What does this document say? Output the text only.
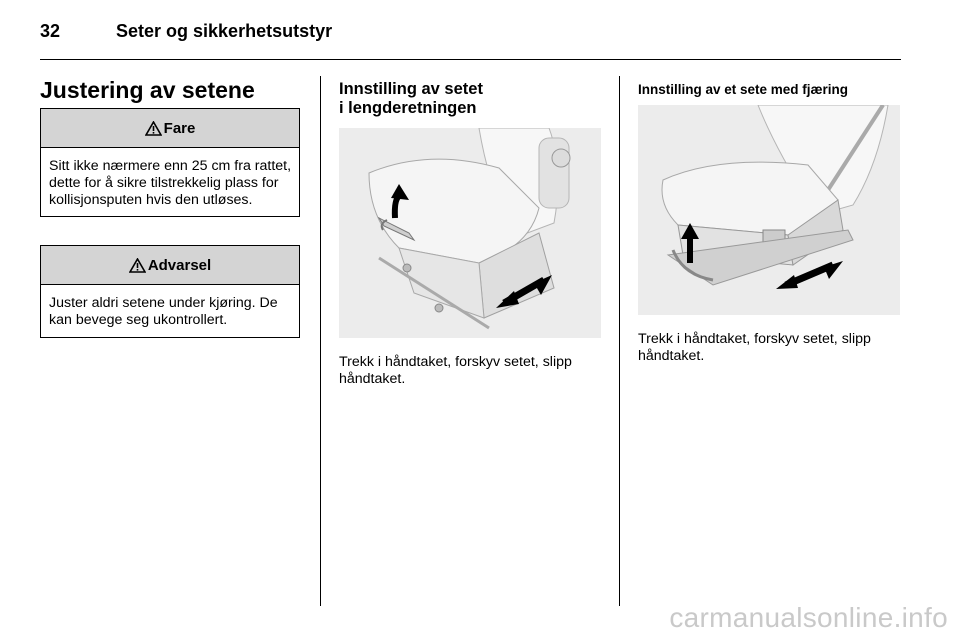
32	Seter og sikkerhetsutstyr
Justering av setene
Fare
Sitt ikke nærmere enn 25 cm fra rattet, dette for å sikre tilstrekkelig plass for kollisjonsputen hvis den utløses.
Advarsel
Juster aldri setene under kjøring. De kan bevege seg ukontrollert.
Innstilling av setet
i lengderetningen
Trekk i håndtaket, forskyv setet, slipp håndtaket.
Innstilling av et sete med fjæring
Trekk i håndtaket, forskyv setet, slipp håndtaket.
carmanualsonline.info
